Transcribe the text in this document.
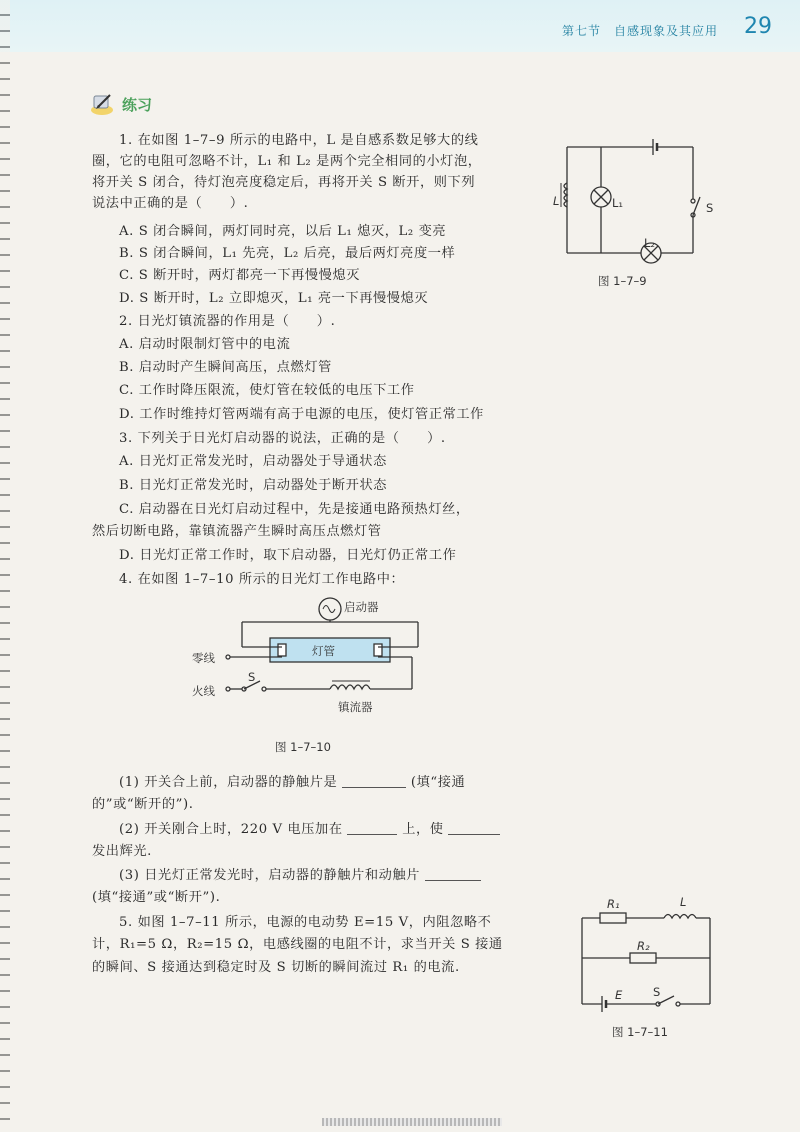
第七节　自感现象及其应用 29
练习
1. 在如图 1–7–9 所示的电路中，L 是自感系数足够大的线
圈，它的电阻可忽略不计，L₁ 和 L₂ 是两个完全相同的小灯泡，
将开关 S 闭合，待灯泡亮度稳定后，再将开关 S 断开，则下列
说法中正确的是（　　）.
A. S 闭合瞬间，两灯同时亮，以后 L₁ 熄灭，L₂ 变亮
B. S 闭合瞬间，L₁ 先亮，L₂ 后亮，最后两灯亮度一样
C. S 断开时，两灯都亮一下再慢慢熄灭
D. S 断开时，L₂ 立即熄灭，L₁ 亮一下再慢慢熄灭
2. 日光灯镇流器的作用是（　　）.
A. 启动时限制灯管中的电流
B. 启动时产生瞬间高压，点燃灯管
C. 工作时降压限流，使灯管在较低的电压下工作
D. 工作时维持灯管两端有高于电源的电压，使灯管正常工作
3. 下列关于日光灯启动器的说法，正确的是（　　）.
A. 日光灯正常发光时，启动器处于导通状态
B. 日光灯正常发光时，启动器处于断开状态
C. 启动器在日光灯启动过程中，先是接通电路预热灯丝，
然后切断电路，靠镇流器产生瞬时高压点燃灯管
D. 日光灯正常工作时，取下启动器，日光灯仍正常工作
4. 在如图 1–7–10 所示的日光灯工作电路中：
L	L₁
L₂
S
图 1–7–9
启动器
灯管
零线
火线
S
镇流器
图 1–7–10
(1) 开关合上前，启动器的静触片是	(填“接通
的”或“断开的”).
(2) 开关刚合上时，220 V 电压加在	上，使
发出辉光.
(3) 日光灯正常发光时，启动器的静触片和动触片
(填“接通”或“断开”).
5. 如图 1–7–11 所示，电源的电动势 E=15 V，内阻忽略不
计，R₁=5 Ω，R₂=15 Ω，电感线圈的电阻不计，求当开关 S 接通
的瞬间、S 接通达到稳定时及 S 切断的瞬间流过 R₁ 的电流.
R₁	L
R₂
E	S
图 1–7–11
